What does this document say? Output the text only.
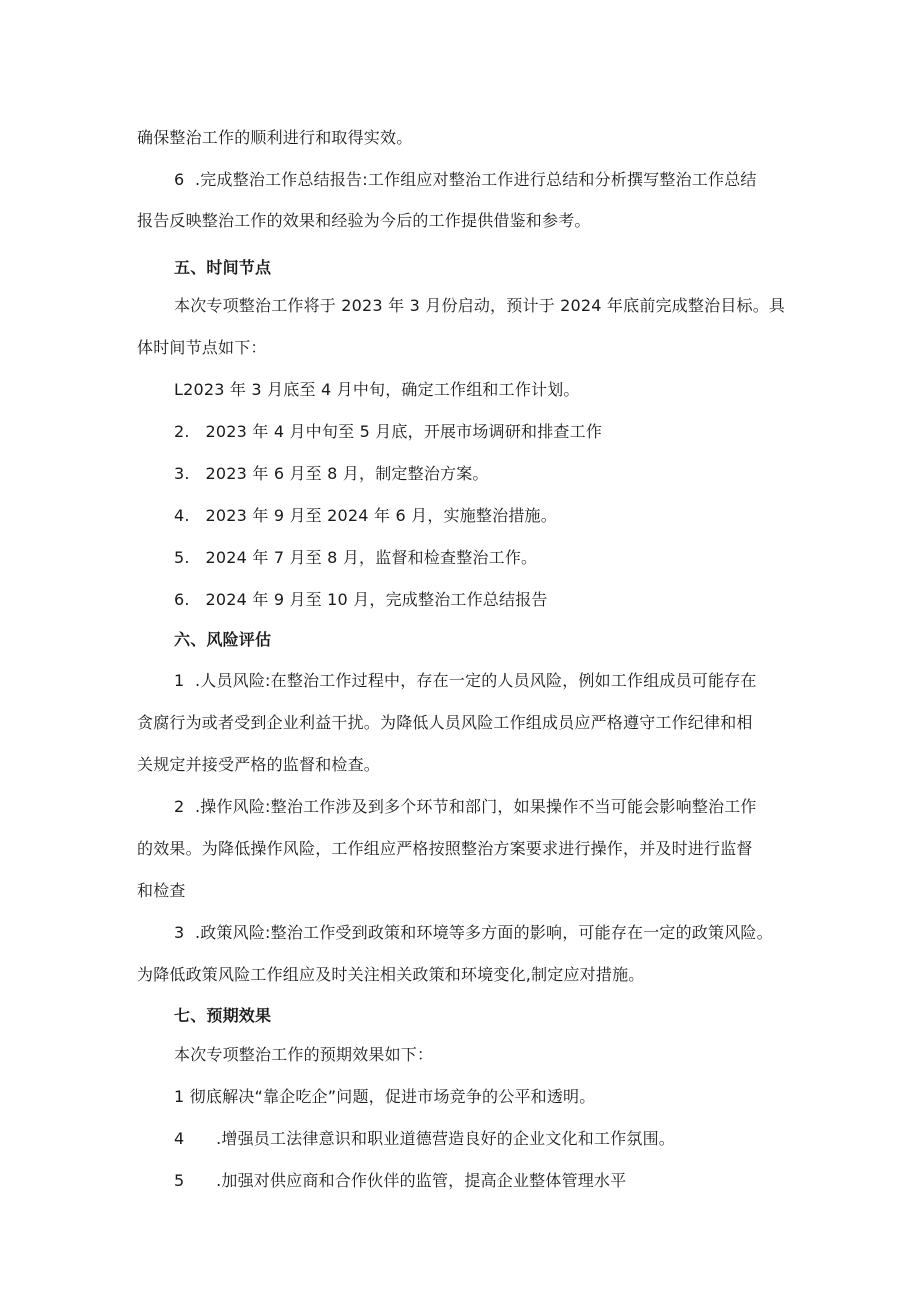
确保整治工作的顺利进行和取得实效。
6  .完成整治工作总结报告:工作组应对整治工作进行总结和分析撰写整治工作总结
报告反映整治工作的效果和经验为今后的工作提供借鉴和参考。
五、时间节点
本次专项整治工作将于 2023 年 3 月份启动，预计于 2024 年底前完成整治目标。具
体时间节点如下：
L2023 年 3 月底至 4 月中旬，确定工作组和工作计划。
2.   2023 年 4 月中旬至 5 月底，开展市场调研和排查工作
3.   2023 年 6 月至 8 月，制定整治方案。
4.   2023 年 9 月至 2024 年 6 月，实施整治措施。
5.   2024 年 7 月至 8 月，监督和检查整治工作。
6.   2024 年 9 月至 10 月，完成整治工作总结报告
六、风险评估
1  .人员风险:在整治工作过程中，存在一定的人员风险，例如工作组成员可能存在
贪腐行为或者受到企业利益干扰。为降低人员风险工作组成员应严格遵守工作纪律和相
关规定并接受严格的监督和检查。
2  .操作风险:整治工作涉及到多个环节和部门，如果操作不当可能会影响整治工作
的效果。为降低操作风险，工作组应严格按照整治方案要求进行操作，并及时进行监督
和检查
3  .政策风险:整治工作受到政策和环境等多方面的影响，可能存在一定的政策风险。
为降低政策风险工作组应及时关注相关政策和环境变化,制定应对措施。
七、预期效果
本次专项整治工作的预期效果如下：
1 彻底解决“靠企吃企”问题，促进市场竞争的公平和透明。
4      .增强员工法律意识和职业道德营造良好的企业文化和工作氛围。
5      .加强对供应商和合作伙伴的监管，提高企业整体管理水平
